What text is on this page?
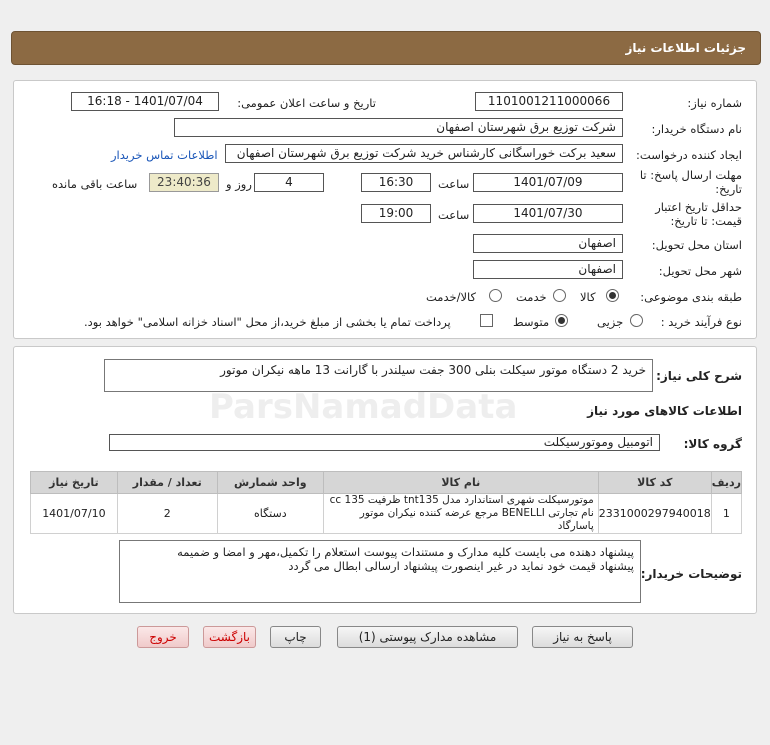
جزئیات اطلاعات نیاز
شماره نیاز:
1101001211000066
تاریخ و ساعت اعلان عمومی:
1401/07/04 - 16:18
نام دستگاه خریدار:
شرکت توزیع برق شهرستان اصفهان
ایجاد کننده درخواست:
سعید برکت خوراسگانی کارشناس خرید شرکت توزیع برق شهرستان اصفهان
اطلاعات تماس خریدار
مهلت ارسال پاسخ: تا
تاریخ:
1401/07/09
ساعت
16:30
4
روز و
23:40:36
ساعت باقی مانده
حداقل تاریخ اعتبار
قیمت: تا تاریخ:
1401/07/30
ساعت
19:00
استان محل تحویل:
اصفهان
شهر محل تحویل:
اصفهان
طبقه بندی موضوعی:
کالا
خدمت
کالا/خدمت
نوع فرآیند خرید :
جزیی
متوسط
پرداخت تمام یا بخشی از مبلغ خرید،از محل "اسناد خزانه اسلامی" خواهد بود.
ParsNamadData
شرح کلی نیاز:
خرید 2 دستگاه موتور سیکلت بنلی 300 جفت سیلندر با گارانت 13 ماهه نیکران موتور
اطلاعات کالاهای مورد نیاز
گروه کالا:
اتومبیل وموتورسیکلت
ردیف	کد کالا	نام کالا	واحد شمارش	تعداد / مقدار	تاریخ نیاز
1	2331000297940018	موتورسیکلت شهری استاندارد مدل tnt135 ظرفیت 135 cc
نام تجارتی BENELLI مرجع عرضه کننده نیکران موتور پاسارگاد	دستگاه	2	1401/07/10
توضیحات خریدار:
پیشنهاد دهنده می بایست کلیه مدارک و مستندات پیوست استعلام را تکمیل،مهر و امضا و ضمیمه
پیشنهاد قیمت خود نماید در غیر اینصورت پیشنهاد ارسالی ابطال می گردد
پاسخ به نیاز
مشاهده مدارک پیوستی (1)
چاپ
بازگشت
خروج
